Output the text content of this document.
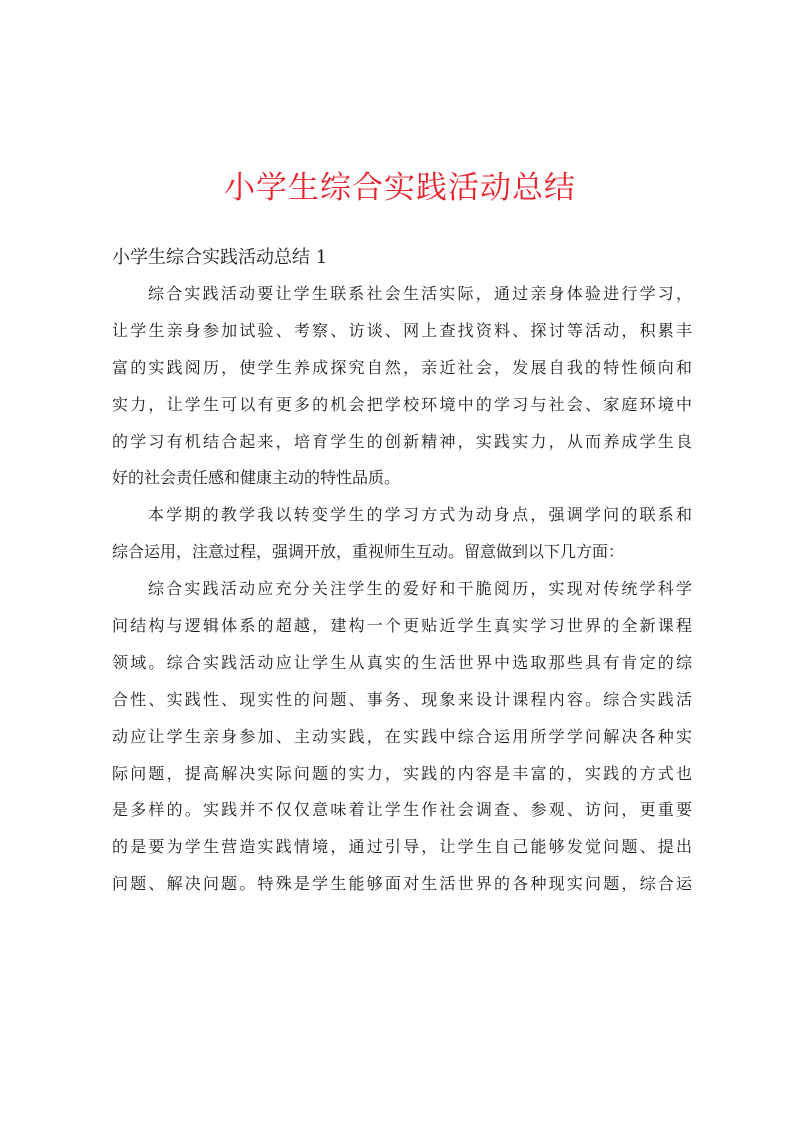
小学生综合实践活动总结

小学生综合实践活动总结 1

综合实践活动要让学生联系社会生活实际，通过亲身体验进行学习，
让学生亲身参加试验、考察、访谈、网上查找资料、探讨等活动，积累丰
富的实践阅历，使学生养成探究自然，亲近社会，发展自我的特性倾向和
实力，让学生可以有更多的机会把学校环境中的学习与社会、家庭环境中
的学习有机结合起来，培育学生的创新精神，实践实力，从而养成学生良
好的社会责任感和健康主动的特性品质。
本学期的教学我以转变学生的学习方式为动身点，强调学问的联系和
综合运用，注意过程，强调开放，重视师生互动。留意做到以下几方面：
综合实践活动应充分关注学生的爱好和干脆阅历，实现对传统学科学
问结构与逻辑体系的超越，建构一个更贴近学生真实学习世界的全新课程
领域。综合实践活动应让学生从真实的生活世界中选取那些具有肯定的综
合性、实践性、现实性的问题、事务、现象来设计课程内容。综合实践活
动应让学生亲身参加、主动实践，在实践中综合运用所学学问解决各种实
际问题，提高解决实际问题的实力，实践的内容是丰富的，实践的方式也
是多样的。实践并不仅仅意味着让学生作社会调查、参观、访问，更重要
的是要为学生营造实践情境，通过引导，让学生自己能够发觉问题、提出
问题、解决问题。特殊是学生能够面对生活世界的各种现实问题，综合运
